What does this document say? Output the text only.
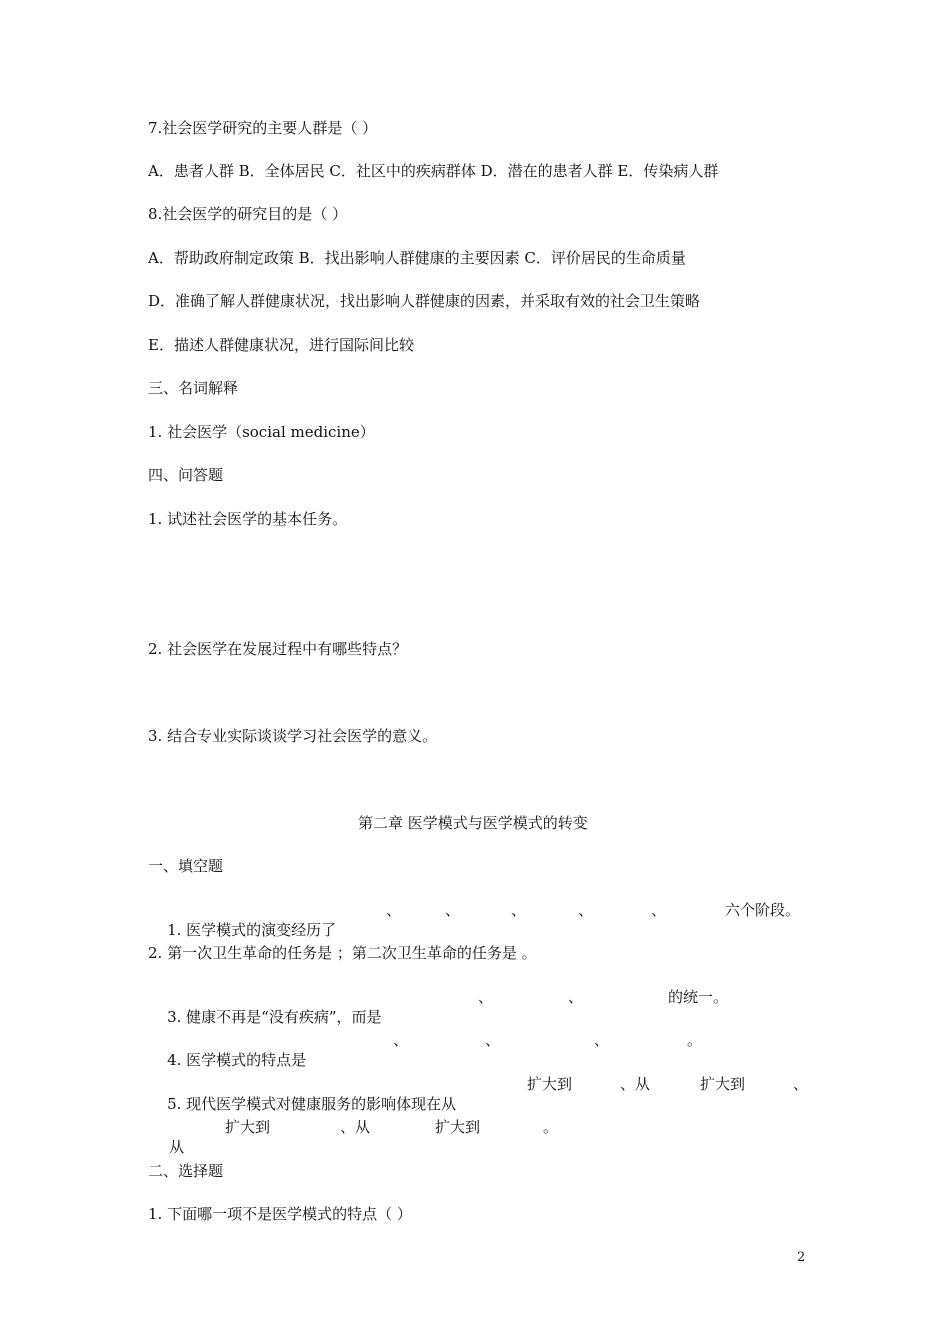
7.社会医学研究的主要人群是（ ）
A．患者人群 B．全体居民 C．社区中的疾病群体 D．潜在的患者人群 E．传染病人群
8.社会医学的研究目的是（ ）
A．帮助政府制定政策 B．找出影响人群健康的主要因素 C．评价居民的生命质量
D．准确了解人群健康状况，找出影响人群健康的因素，并采取有效的社会卫生策略
E．描述人群健康状况，进行国际间比较
三、名词解释
1. 社会医学（social medicine）
四、问答题
1. 试述社会医学的基本任务。
2. 社会医学在发展过程中有哪些特点？
3. 结合专业实际谈谈学习社会医学的意义。
第二章 医学模式与医学模式的转变
一、填空题

1. 医学模式的演变经历了

、

	、

	、

	、

	、

	六个阶段。

2. 第一次卫生革命的任务是 ；第二次卫生革命的任务是 。

3. 健康不再是“没有疾病”，而是

、

	、

	的统一。

4. 医学模式的特点是

、

	、

	、

	。

5. 现代医学模式对健康服务的影响体现在从

扩大到

	、从

	扩大到

	、

从

扩大到

	、从

	扩大到

	。

二、选择题
1. 下面哪一项不是医学模式的特点（ ）
2
